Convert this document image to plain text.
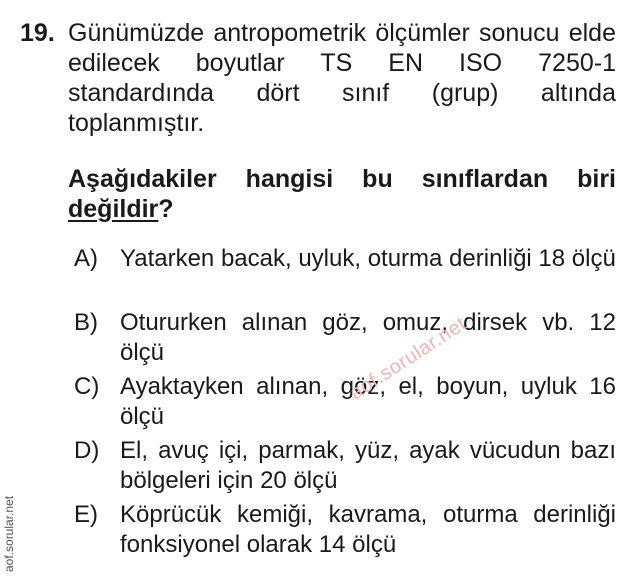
19. Günümüzde antropometrik ölçümler sonucu elde edilecek boyutlar TS EN ISO 7250-1 standardında dört sınıf (grup) altında toplanmıştır.

Aşağıdakiler hangisi bu sınıflardan biri değildir?

A) Yatarken bacak, uyluk, oturma derinliği 18 ölçü
B) Otururken alınan göz, omuz, dirsek vb. 12 ölçü
C) Ayaktayken alınan, göz, el, boyun, uyluk 16 ölçü
D) El, avuç içi, parmak, yüz, ayak vücudun bazı bölgeleri için 20 ölçü
E) Köprücük kemiği, kavrama, oturma derinliği fonksiyonel olarak 14 ölçü
aof.sorular.net
aof.sorular.net
